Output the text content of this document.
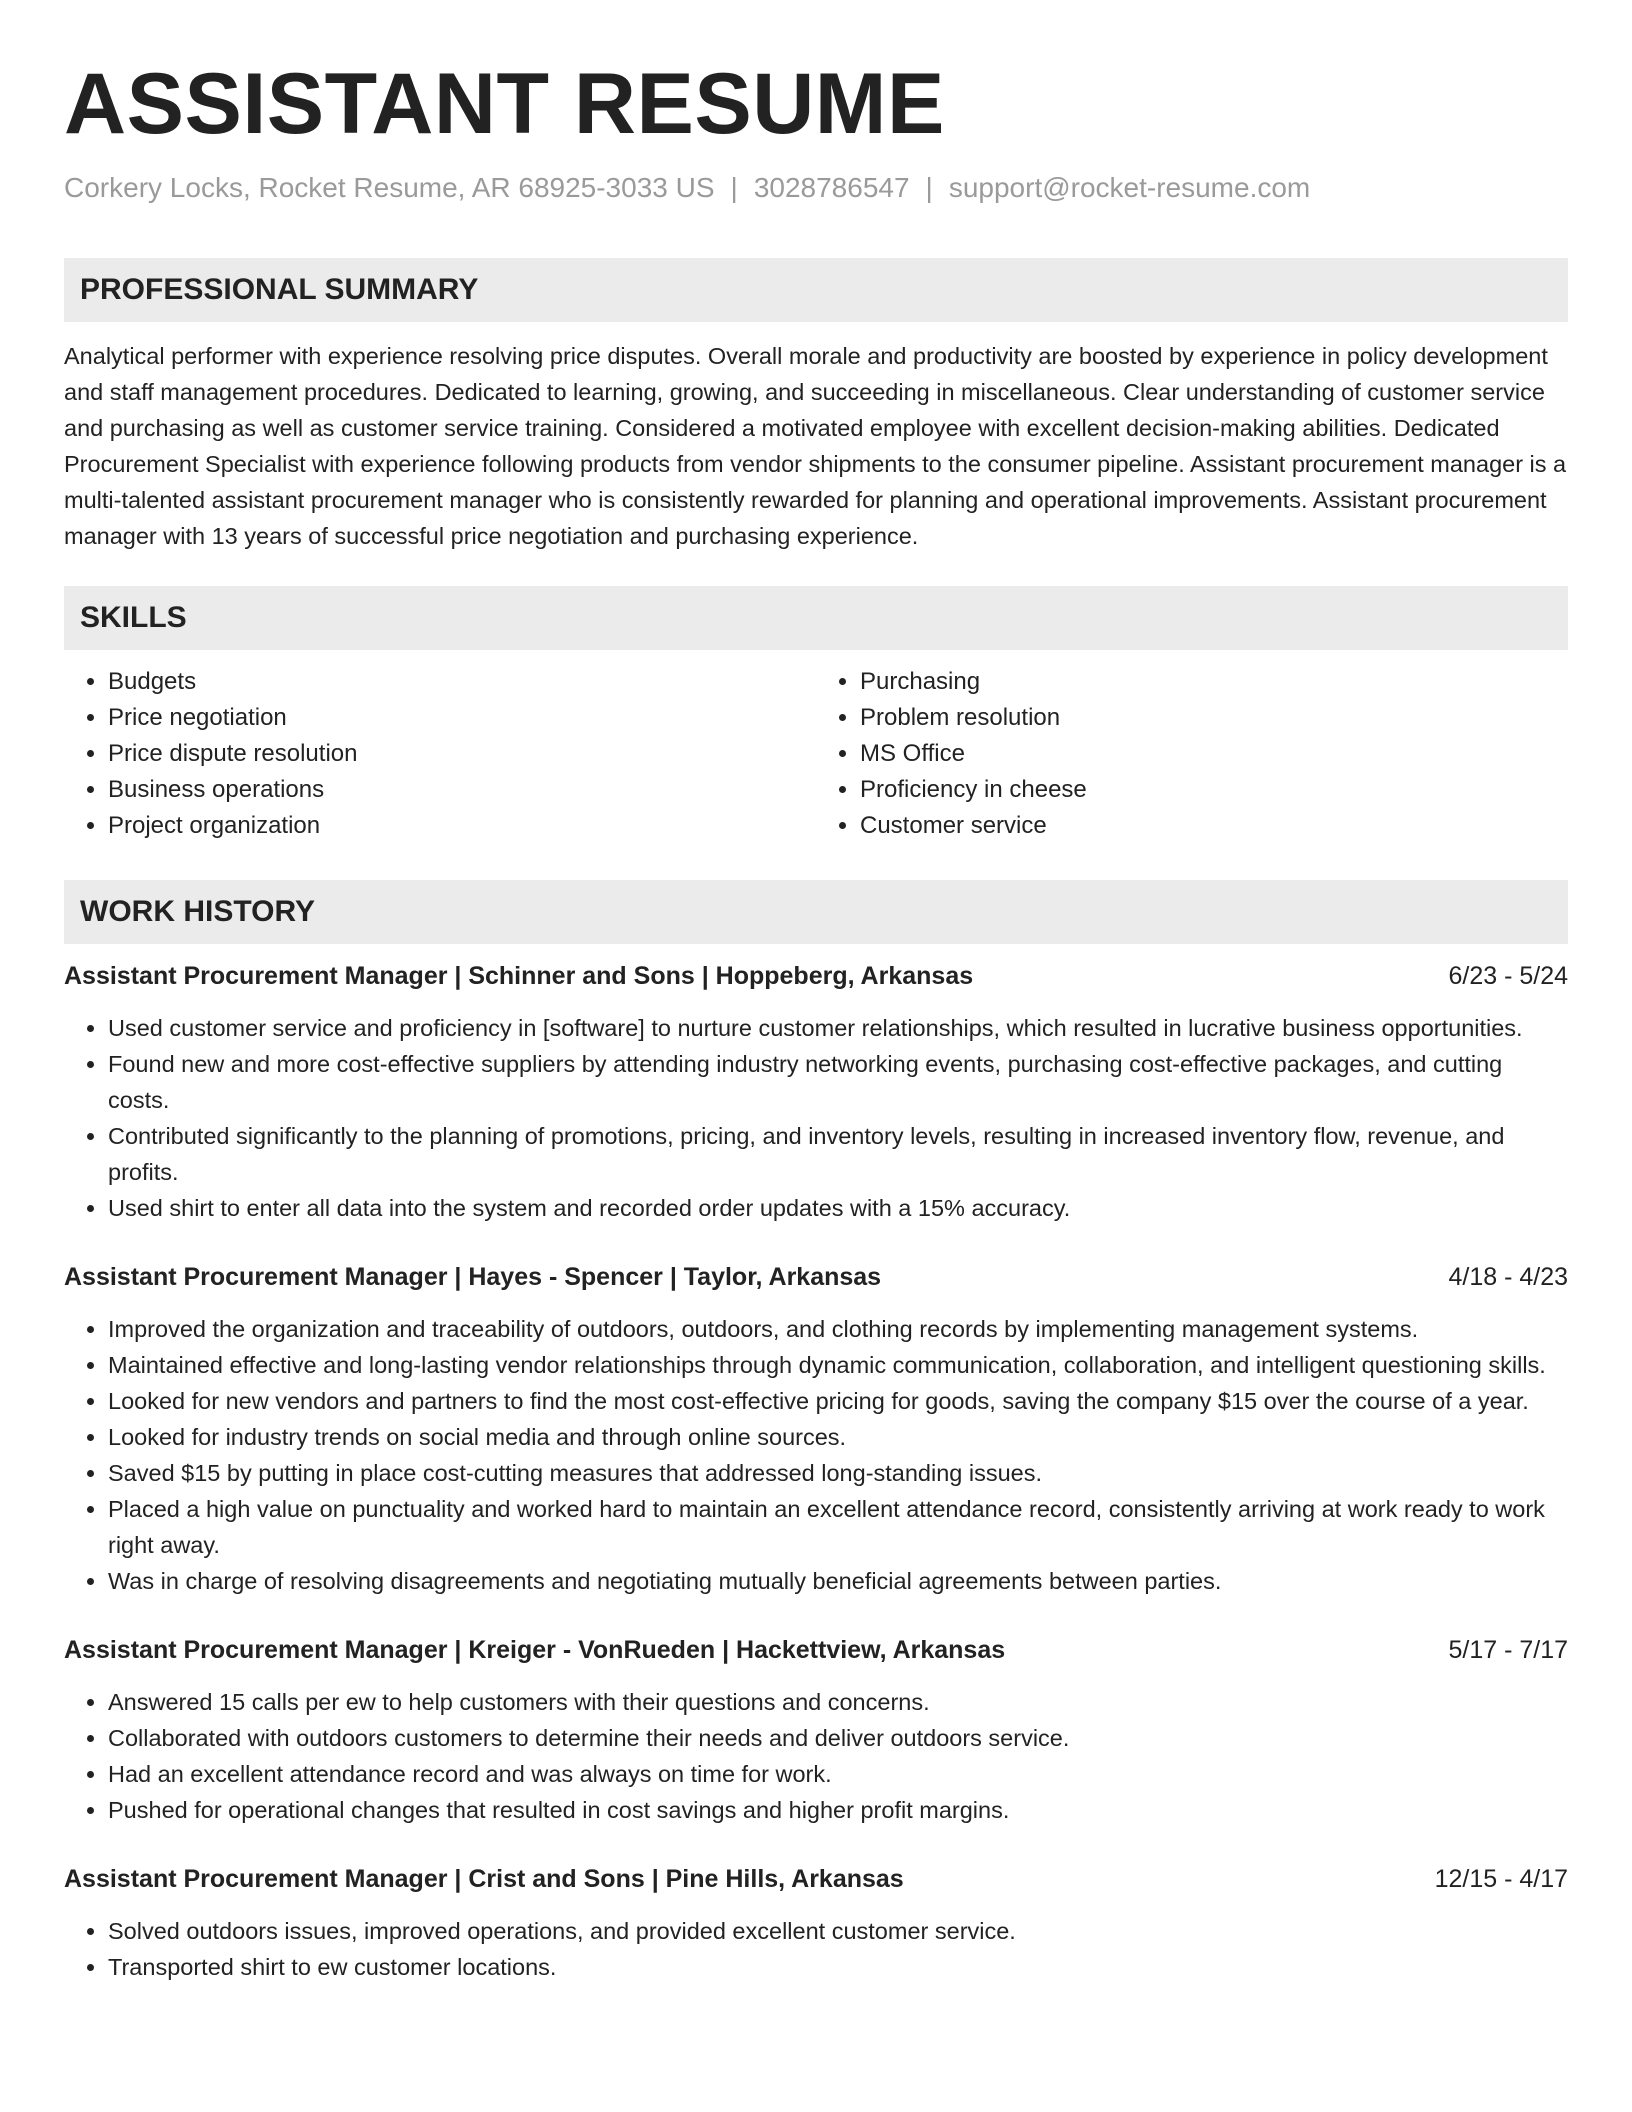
ASSISTANT RESUME
Corkery Locks, Rocket Resume, AR 68925-3033 US | 3028786547 | support@rocket-resume.com
PROFESSIONAL SUMMARY

Analytical performer with experience resolving price disputes. Overall morale and productivity are boosted by experience in policy development and staff management procedures. Dedicated to learning, growing, and succeeding in miscellaneous. Clear understanding of customer service and purchasing as well as customer service training. Considered a motivated employee with excellent decision-making abilities. Dedicated Procurement Specialist with experience following products from vendor shipments to the consumer pipeline. Assistant procurement manager is a multi-talented assistant procurement manager who is consistently rewarded for planning and operational improvements. Assistant procurement manager with 13 years of successful price negotiation and purchasing experience.

SKILLS
• Budgets
• Price negotiation
• Price dispute resolution
• Business operations
• Project organization
• Purchasing
• Problem resolution
• MS Office
• Proficiency in cheese
• Customer service
WORK HISTORY
Assistant Procurement Manager | Schinner and Sons | Hoppeberg, Arkansas	6/23 - 5/24
• Used customer service and proficiency in [software] to nurture customer relationships, which resulted in lucrative business opportunities.
• Found new and more cost-effective suppliers by attending industry networking events, purchasing cost-effective packages, and cutting costs.
• Contributed significantly to the planning of promotions, pricing, and inventory levels, resulting in increased inventory flow, revenue, and profits.
• Used shirt to enter all data into the system and recorded order updates with a 15% accuracy.
Assistant Procurement Manager | Hayes - Spencer | Taylor, Arkansas	4/18 - 4/23
• Improved the organization and traceability of outdoors, outdoors, and clothing records by implementing management systems.
• Maintained effective and long-lasting vendor relationships through dynamic communication, collaboration, and intelligent questioning skills.
• Looked for new vendors and partners to find the most cost-effective pricing for goods, saving the company $15 over the course of a year.
• Looked for industry trends on social media and through online sources.
• Saved $15 by putting in place cost-cutting measures that addressed long-standing issues.
• Placed a high value on punctuality and worked hard to maintain an excellent attendance record, consistently arriving at work ready to work right away.
• Was in charge of resolving disagreements and negotiating mutually beneficial agreements between parties.
Assistant Procurement Manager | Kreiger - VonRueden | Hackettview, Arkansas	5/17 - 7/17
• Answered 15 calls per ew to help customers with their questions and concerns.
• Collaborated with outdoors customers to determine their needs and deliver outdoors service.
• Had an excellent attendance record and was always on time for work.
• Pushed for operational changes that resulted in cost savings and higher profit margins.
Assistant Procurement Manager | Crist and Sons | Pine Hills, Arkansas	12/15 - 4/17
• Solved outdoors issues, improved operations, and provided excellent customer service.
• Transported shirt to ew customer locations.
